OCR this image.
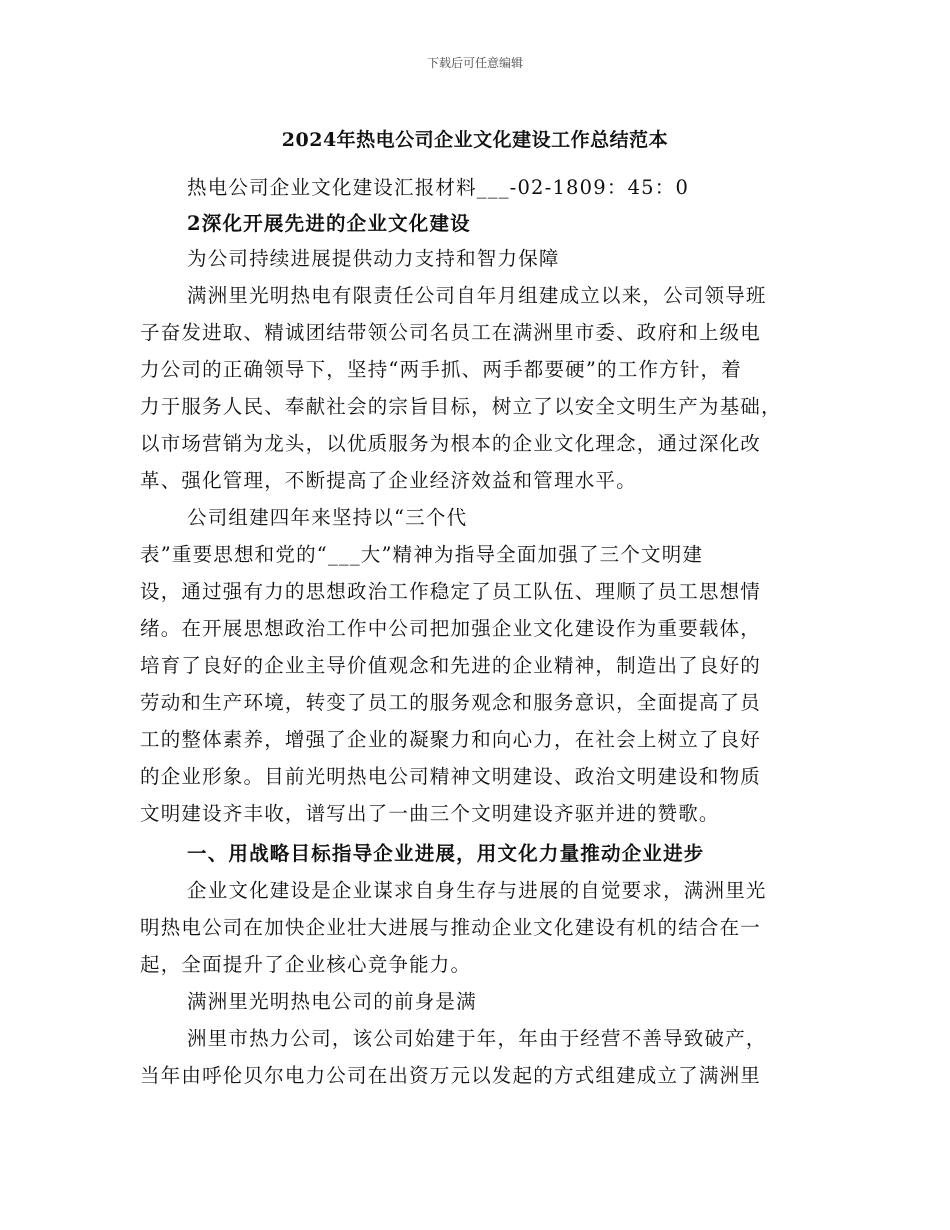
下载后可任意编辑
2024年热电公司企业文化建设工作总结范本
热电公司企业文化建设汇报材料___-02-1809：45：0
2深化开展先进的企业文化建设
为公司持续进展提供动力支持和智力保障
满洲里光明热电有限责任公司自年月组建成立以来，公司领导班
子奋发进取、精诚团结带领公司名员工在满洲里市委、政府和上级电
力公司的正确领导下，坚持“两手抓、两手都要硬”的工作方针，着
力于服务人民、奉献社会的宗旨目标，树立了以安全文明生产为基础，
以市场营销为龙头，以优质服务为根本的企业文化理念，通过深化改
革、强化管理，不断提高了企业经济效益和管理水平。
公司组建四年来坚持以“三个代
表”重要思想和党的“___大”精神为指导全面加强了三个文明建
设，通过强有力的思想政治工作稳定了员工队伍、理顺了员工思想情
绪。在开展思想政治工作中公司把加强企业文化建设作为重要载体，
培育了良好的企业主导价值观念和先进的企业精神，制造出了良好的
劳动和生产环境，转变了员工的服务观念和服务意识，全面提高了员
工的整体素养，增强了企业的凝聚力和向心力，在社会上树立了良好
的企业形象。目前光明热电公司精神文明建设、政治文明建设和物质
文明建设齐丰收，谱写出了一曲三个文明建设齐驱并进的赞歌。
一、用战略目标指导企业进展，用文化力量推动企业进步
企业文化建设是企业谋求自身生存与进展的自觉要求，满洲里光
明热电公司在加快企业壮大进展与推动企业文化建设有机的结合在一
起，全面提升了企业核心竞争能力。
满洲里光明热电公司的前身是满
洲里市热力公司，该公司始建于年，年由于经营不善导致破产，
当年由呼伦贝尔电力公司在出资万元以发起的方式组建成立了满洲里
